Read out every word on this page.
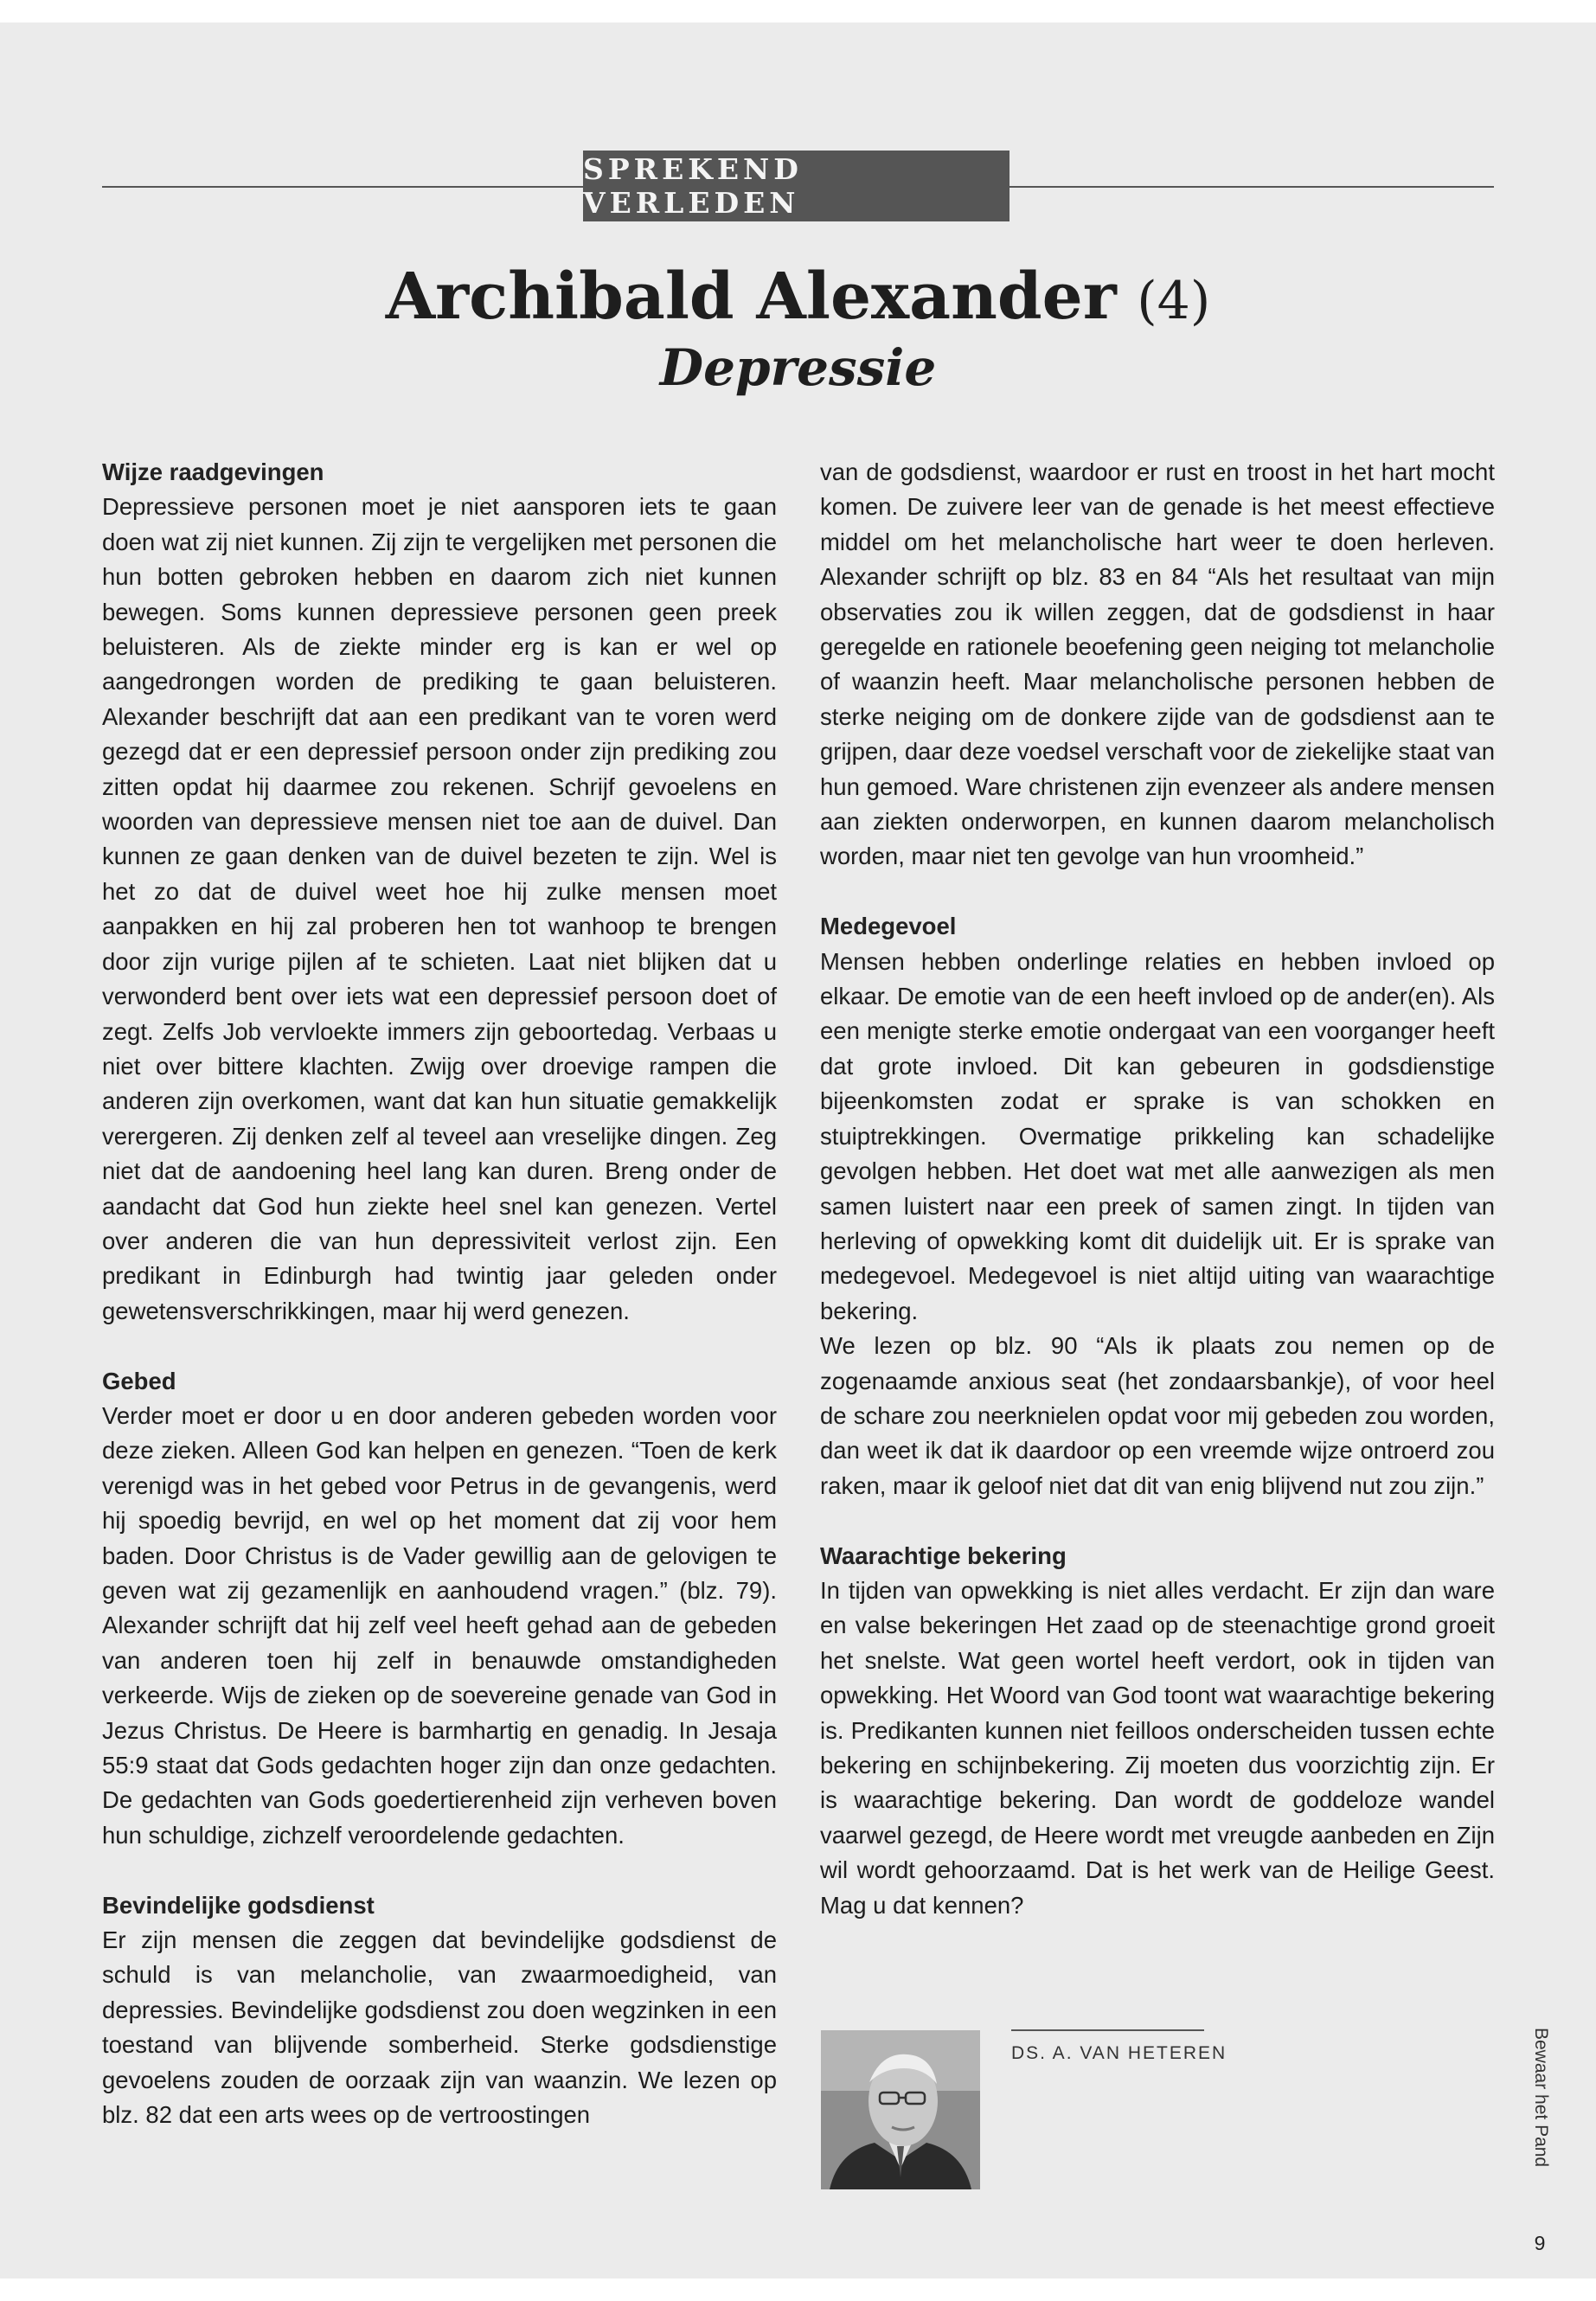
SPREKEND VERLEDEN
Archibald Alexander (4)
Depressie
Wijze raadgevingen

Depressieve personen moet je niet aansporen iets te gaan doen wat zij niet kunnen. Zij zijn te vergelijken met personen die hun botten gebroken hebben en daarom zich niet kunnen bewegen. Soms kunnen depressieve personen geen preek beluisteren. Als de ziekte minder erg is kan er wel op aangedrongen worden de prediking te gaan beluisteren. Alexander beschrijft dat aan een predikant van te voren werd gezegd dat er een depressief persoon onder zijn prediking zou zitten opdat hij daarmee zou rekenen. Schrijf gevoelens en woorden van depressieve mensen niet toe aan de duivel. Dan kunnen ze gaan denken van de duivel bezeten te zijn. Wel is het zo dat de duivel weet hoe hij zulke mensen moet aanpakken en hij zal proberen hen tot wanhoop te brengen door zijn vurige pijlen af te schieten. Laat niet blijken dat u verwonderd bent over iets wat een depressief persoon doet of zegt. Zelfs Job vervloekte immers zijn geboortedag. Verbaas u niet over bittere klachten. Zwijg over droevige rampen die anderen zijn overkomen, want dat kan hun situatie gemakkelijk verergeren. Zij denken zelf al teveel aan vreselijke dingen. Zeg niet dat de aandoening heel lang kan duren. Breng onder de aandacht dat God hun ziekte heel snel kan genezen. Vertel over anderen die van hun depressiviteit verlost zijn. Een predikant in Edinburgh had twintig jaar geleden onder gewetensverschrikkingen, maar hij werd genezen.

Gebed

Verder moet er door u en door anderen gebeden worden voor deze zieken. Alleen God kan helpen en genezen. “Toen de kerk verenigd was in het gebed voor Petrus in de gevangenis, werd hij spoedig bevrijd, en wel op het moment dat zij voor hem baden. Door Christus is de Vader gewillig aan de gelovigen te geven wat zij gezamenlijk en aanhoudend vragen.” (blz. 79). Alexander schrijft dat hij zelf veel heeft gehad aan de gebeden van anderen toen hij zelf in benauwde omstandigheden verkeerde. Wijs de zieken op de soevereine genade van God in Jezus Christus. De Heere is barmhartig en genadig. In Jesaja 55:9 staat dat Gods gedachten hoger zijn dan onze gedachten. De gedachten van Gods goedertierenheid zijn verheven boven hun schuldige, zichzelf veroordelende gedachten.

Bevindelijke godsdienst

Er zijn mensen die zeggen dat bevindelijke godsdienst de schuld is van melancholie, van zwaarmoedigheid, van depressies. Bevindelijke godsdienst zou doen wegzinken in een toestand van blijvende somberheid. Sterke godsdienstige gevoelens zouden de oorzaak zijn van waanzin. We lezen op blz. 82 dat een arts wees op de vertroostingen

van de godsdienst, waardoor er rust en troost in het hart mocht komen. De zuivere leer van de genade is het meest effectieve middel om het melancholische hart weer te doen herleven. Alexander schrijft op blz. 83 en 84 “Als het resultaat van mijn observaties zou ik willen zeggen, dat de godsdienst in haar geregelde en rationele beoefening geen neiging tot melancholie of waanzin heeft. Maar melancholische personen hebben de sterke neiging om de donkere zijde van de godsdienst aan te grijpen, daar deze voedsel verschaft voor de ziekelijke staat van hun gemoed. Ware christenen zijn evenzeer als andere mensen aan ziekten onderworpen, en kunnen daarom melancholisch worden, maar niet ten gevolge van hun vroomheid.”

Medegevoel

Mensen hebben onderlinge relaties en hebben invloed op elkaar. De emotie van de een heeft invloed op de ander(en). Als een menigte sterke emotie ondergaat van een voorganger heeft dat grote invloed. Dit kan gebeuren in godsdienstige bijeenkomsten zodat er sprake is van schokken en stuiptrekkingen. Overmatige prikkeling kan schadelijke gevolgen hebben. Het doet wat met alle aanwezigen als men samen luistert naar een preek of samen zingt. In tijden van herleving of opwekking komt dit duidelijk uit. Er is sprake van medegevoel. Medegevoel is niet altijd uiting van waarachtige bekering.

We lezen op blz. 90 “Als ik plaats zou nemen op de zogenaamde anxious seat (het zondaarsbankje), of voor heel de schare zou neerknielen opdat voor mij gebeden zou worden, dan weet ik dat ik daardoor op een vreemde wijze ontroerd zou raken, maar ik geloof niet dat dit van enig blijvend nut zou zijn.”

Waarachtige bekering

In tijden van opwekking is niet alles verdacht. Er zijn dan ware en valse bekeringen Het zaad op de steenachtige grond groeit het snelste. Wat geen wortel heeft verdort, ook in tijden van opwekking. Het Woord van God toont wat waarachtige bekering is. Predikanten kunnen niet feilloos onderscheiden tussen echte bekering en schijnbekering. Zij moeten dus voorzichtig zijn. Er is waarachtige bekering. Dan wordt de goddeloze wandel vaarwel gezegd, de Heere wordt met vreugde aanbeden en Zijn wil wordt gehoorzaamd. Dat is het werk van de Heilige Geest. Mag u dat kennen?

DS. A. VAN HETEREN	Bewaar het Pand
9
